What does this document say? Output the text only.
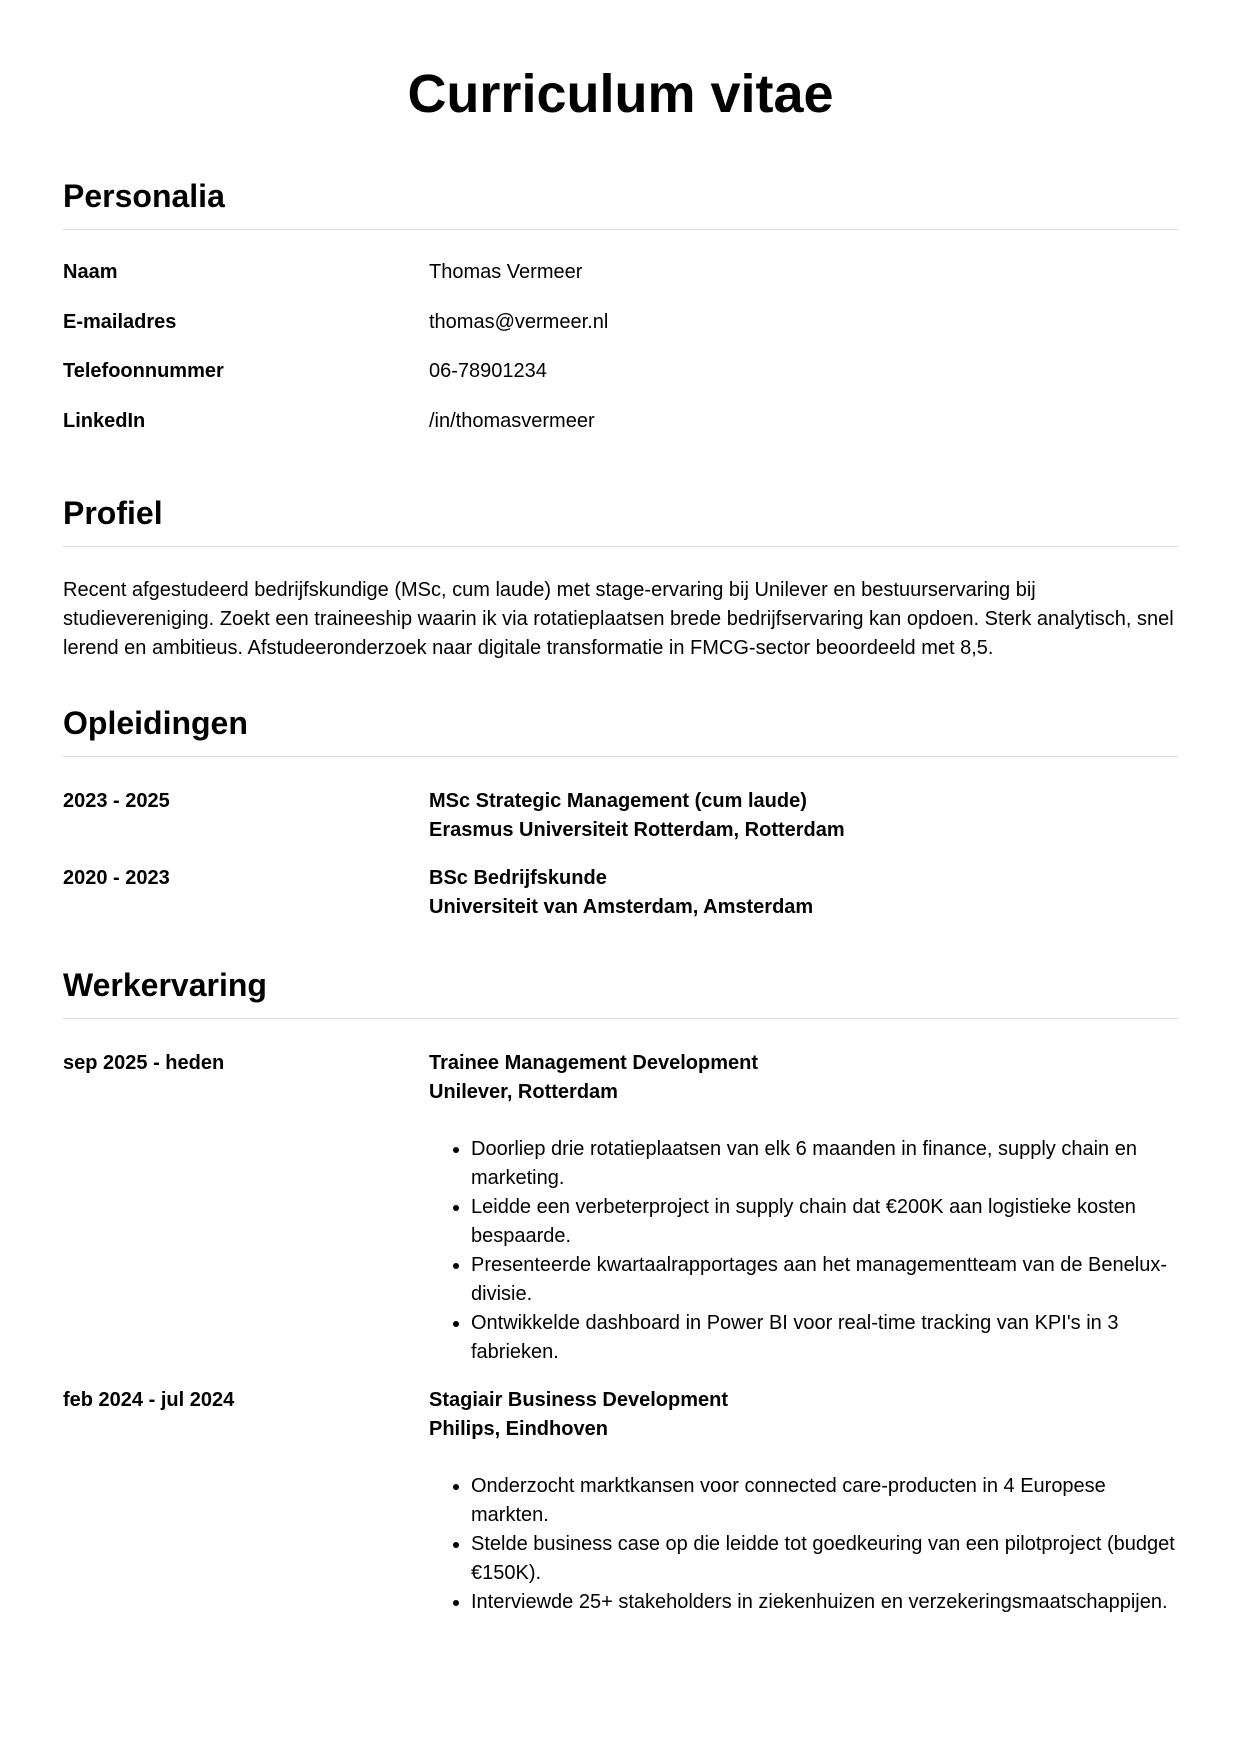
Curriculum vitae
Personalia
Naam	Thomas Vermeer
E-mailadres	thomas@vermeer.nl
Telefoonnummer	06-78901234
LinkedIn	/in/thomasvermeer
Profiel

Recent afgestudeerd bedrijfskundige (MSc, cum laude) met stage-ervaring bij Unilever en bestuurservaring bij studievereniging. Zoekt een traineeship waarin ik via rotatieplaatsen brede bedrijfservaring kan opdoen. Sterk analytisch, snel lerend en ambitieus. Afstudeeronderzoek naar digitale transformatie in FMCG-sector beoordeeld met 8,5.

Opleidingen
2023 - 2025	MSc Strategic Management (cum laude)
Erasmus Universiteit Rotterdam, Rotterdam
2020 - 2023	BSc Bedrijfskunde
Universiteit van Amsterdam, Amsterdam
Werkervaring
sep 2025 - heden	Trainee Management Development
Unilever, Rotterdam
• Doorliep drie rotatieplaatsen van elk 6 maanden in finance, supply chain en marketing.
• Leidde een verbeterproject in supply chain dat €200K aan logistieke kosten bespaarde.
• Presenteerde kwartaalrapportages aan het managementteam van de Benelux-divisie.
• Ontwikkelde dashboard in Power BI voor real-time tracking van KPI's in 3 fabrieken.
feb 2024 - jul 2024	Stagiair Business Development
Philips, Eindhoven
• Onderzocht marktkansen voor connected care-producten in 4 Europese markten.
• Stelde business case op die leidde tot goedkeuring van een pilotproject (budget €150K).
• Interviewde 25+ stakeholders in ziekenhuizen en verzekeringsmaatschappijen.
